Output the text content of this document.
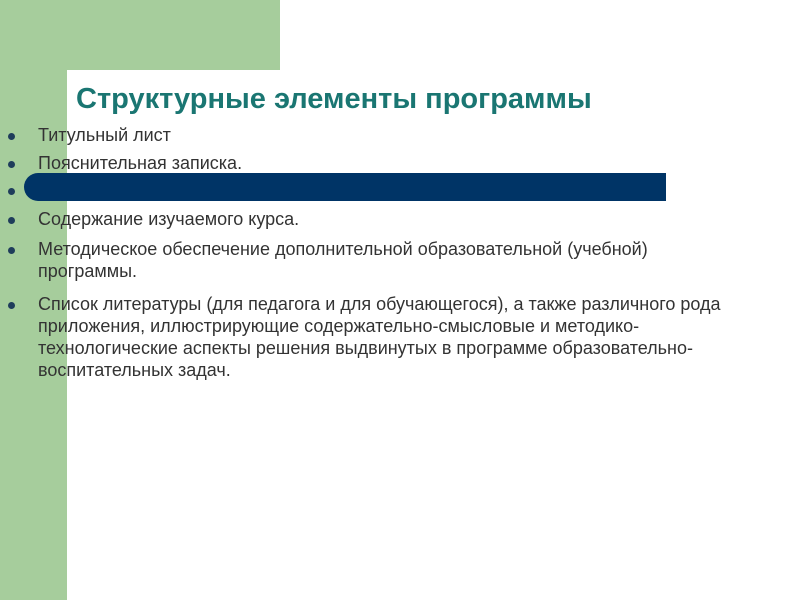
Структурные элементы программы
Титульный лист
Пояснительная записка.
Содержание изучаемого курса.
Методическое обеспечение дополнительной образовательной (учебной) программы.
Список литературы (для педагога и для обучающегося), а также различного рода приложения, иллюстрирующие содержательно-смысловые и методико-технологические аспекты решения выдвинутых в программе образовательно-воспитательных задач.
